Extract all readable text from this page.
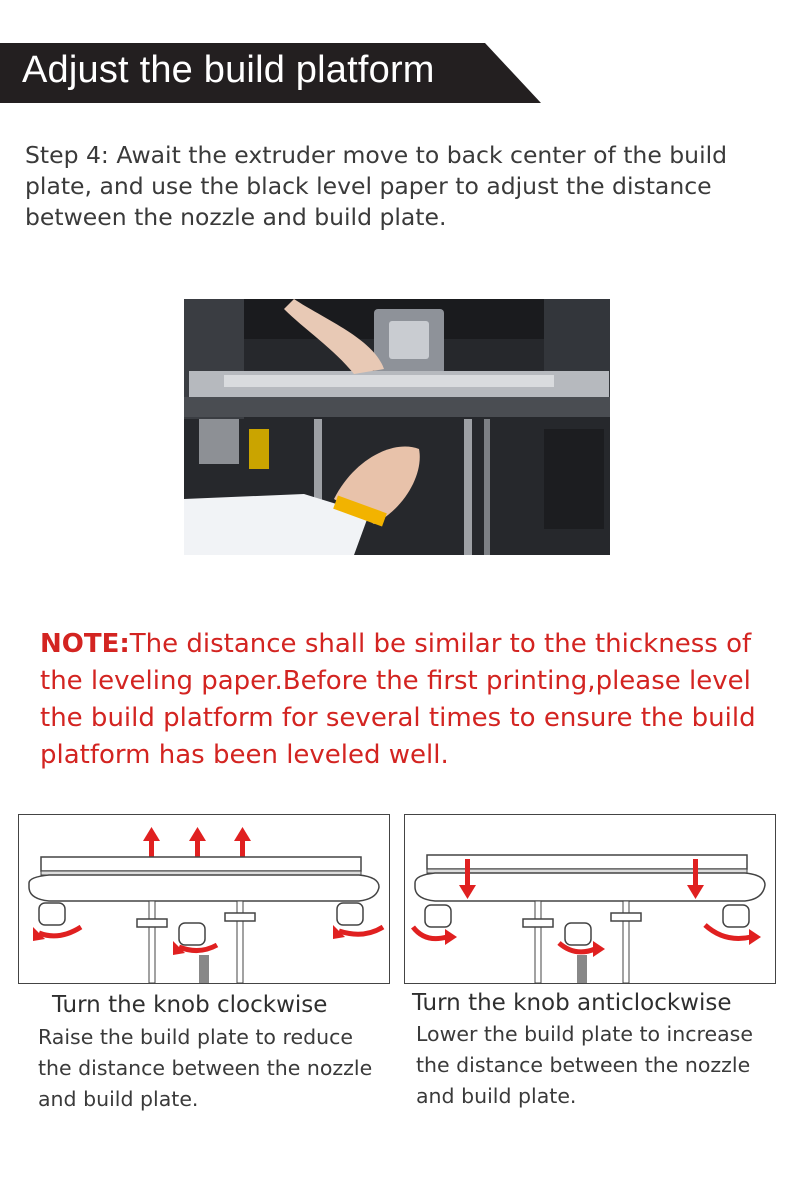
Adjust the build platform
Step 4: Await the extruder move to back center of the build plate, and use the black level paper to adjust the distance between the nozzle and build plate.
NOTE:The distance shall be similar to the thickness of the leveling paper.Before the first printing,please level the build platform for several times to ensure the build platform has been leveled well.
Turn the knob clockwise
Raise the build plate to reduce the distance between the nozzle and build plate.
Turn the knob anticlockwise
Lower the build plate to increase the distance between the nozzle and build plate.
